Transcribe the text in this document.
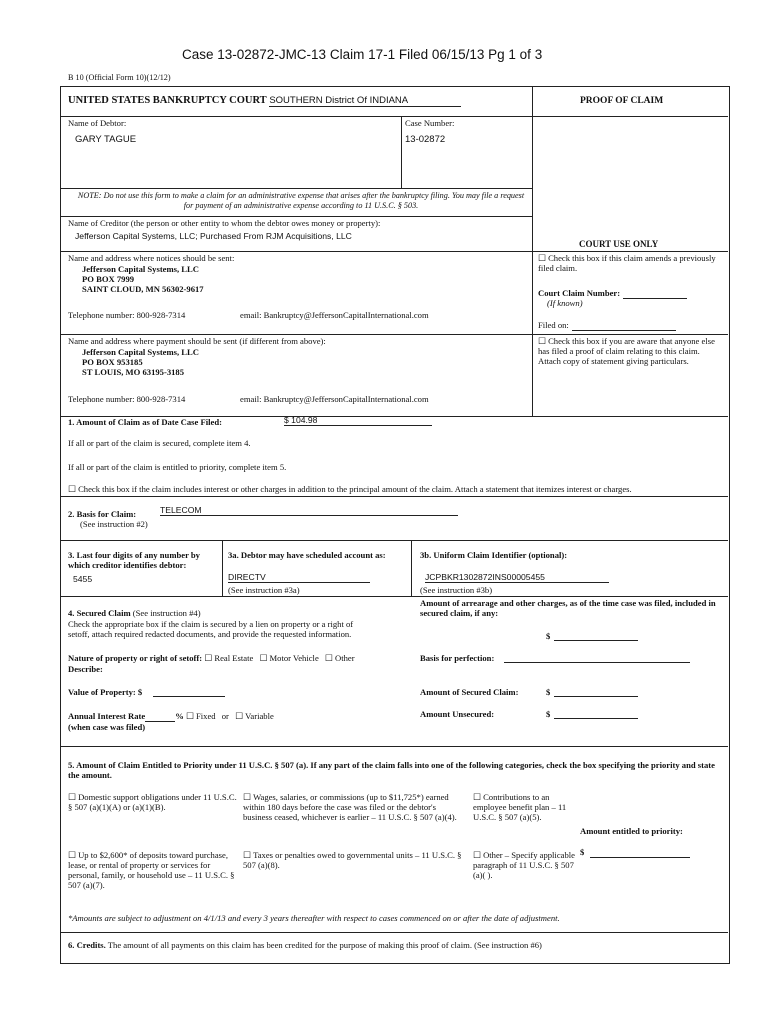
Case 13-02872-JMC-13 Claim 17-1 Filed 06/15/13 Pg 1 of 3
B 10 (Official Form 10)(12/12)
UNITED STATES BANKRUPTCY COURT SOUTHERN District Of INDIANA	PROOF OF CLAIM
Name of Debtor:
GARY TAGUE
Case Number:
13-02872
NOTE: Do not use this form to make a claim for an administrative expense that arises after the bankruptcy filing. You may file a request for payment of an administrative expense according to 11 U.S.C. § 503.
Name of Creditor (the person or other entity to whom the debtor owes money or property):
Jefferson Capital Systems, LLC; Purchased From RJM Acquisitions, LLC
COURT USE ONLY
Name and address where notices should be sent:
Jefferson Capital Systems, LLC
PO BOX 7999
SAINT CLOUD, MN 56302-9617
Telephone number: 800-928-7314	email: Bankruptcy@JeffersonCapitalInternational.com
☐ Check this box if this claim amends a previously filed claim.
Court Claim Number:
(If known)
Filed on:
Name and address where payment should be sent (if different from above):
Jefferson Capital Systems, LLC
PO BOX 953185
ST LOUIS, MO 63195-3185
Telephone number: 800-928-7314	email: Bankruptcy@JeffersonCapitalInternational.com
☐ Check this box if you are aware that anyone else has filed a proof of claim relating to this claim. Attach copy of statement giving particulars.
1. Amount of Claim as of Date Case Filed:	$ 104.98
If all or part of the claim is secured, complete item 4.
If all or part of the claim is entitled to priority, complete item 5.
☐ Check this box if the claim includes interest or other charges in addition to the principal amount of the claim. Attach a statement that itemizes interest or charges.
2. Basis for Claim:	TELECOM
(See instruction #2)
3. Last four digits of any number by which creditor identifies debtor:
5455
3a. Debtor may have scheduled account as:
DIRECTV
(See instruction #3a)
3b. Uniform Claim Identifier (optional):
JCPBKR1302872INS00005455
(See instruction #3b)
4. Secured Claim (See instruction #4)
Check the appropriate box if the claim is secured by a lien on property or a right of setoff, attach required redacted documents, and provide the requested information.
Amount of arrearage and other charges, as of the time case was filed, included in secured claim, if any:
$
Nature of property or right of setoff: ☐ Real Estate ☐ Motor Vehicle ☐ Other
Describe:
Basis for perfection:
Value of Property: $	Amount of Secured Claim:	$
Annual Interest Rate	% ☐ Fixed or ☐ Variable
(when case was filed)
Amount Unsecured:	$
5. Amount of Claim Entitled to Priority under 11 U.S.C. § 507 (a). If any part of the claim falls into one of the following categories, check the box specifying the priority and state the amount.
☐ Domestic support obligations under 11 U.S.C. § 507 (a)(1)(A) or (a)(1)(B).
☐ Wages, salaries, or commissions (up to $11,725*) earned within 180 days before the case was filed or the debtor's business ceased, whichever is earlier – 11 U.S.C. § 507 (a)(4).
☐ Contributions to an employee benefit plan – 11 U.S.C. § 507 (a)(5).
Amount entitled to priority:
☐ Up to $2,600* of deposits toward purchase, lease, or rental of property or services for personal, family, or household use – 11 U.S.C. § 507 (a)(7).
☐ Taxes or penalties owed to governmental units – 11 U.S.C. § 507 (a)(8).
☐ Other – Specify applicable paragraph of 11 U.S.C. § 507 (a)( ).
$
*Amounts are subject to adjustment on 4/1/13 and every 3 years thereafter with respect to cases commenced on or after the date of adjustment.
6. Credits. The amount of all payments on this claim has been credited for the purpose of making this proof of claim. (See instruction #6)
